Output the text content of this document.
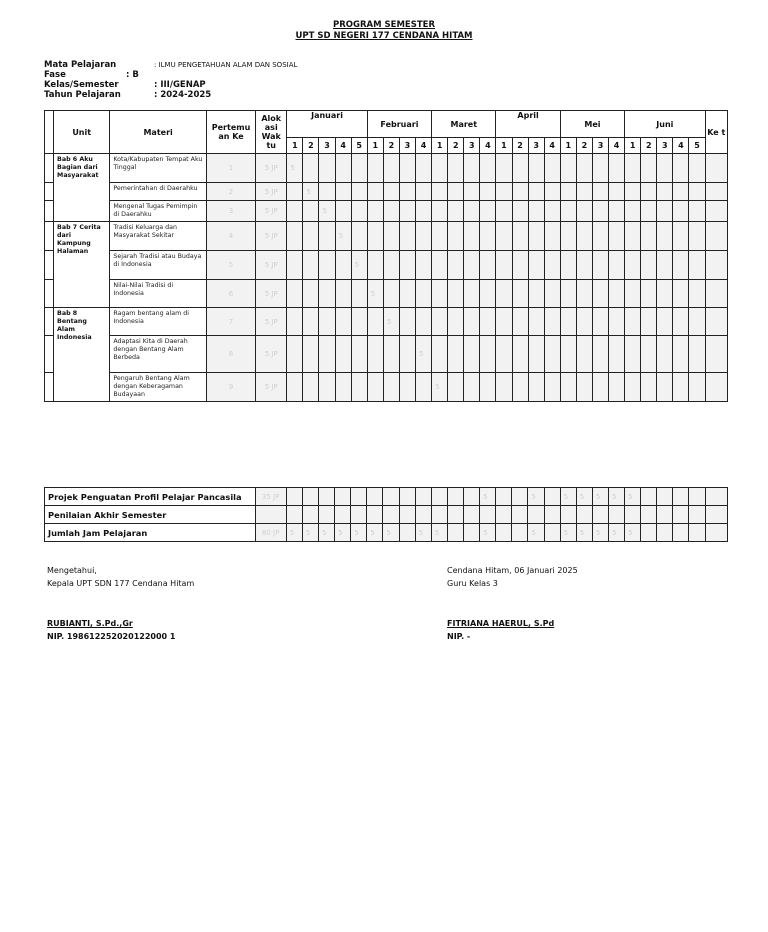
PROGRAM SEMESTER
UPT SD NEGERI 177 CENDANA HITAM
Mata Pelajaran	: ILMU PENGETAHUAN ALAM DAN SOSIAL
Fase	: B
Kelas/Semester	: III/GENAP
Tahun Pelajaran	: 2024-2025
	Unit	Materi	Pertemu an Ke	Alok asi Wak tu	Januari					Februari				Maret				April				Mei				Juni					Ke t
					1	2	3	4	5	1	2	3	4	1	2	3	4	1	2	3	4	1	2	3	4	1	2	3	4	5	
	Bab 6 Aku Bagian dari Masyarakat	Kota/Kabupaten Tempat Aku Tinggal	1	5 JP	5																										
		Pemerintahan di Daerahku	2	5 JP		5																									
		Mengenal Tugas Pemimpin di Daerahku	3	5 JP			5																								
	Bab 7 Cerita dari Kampung Halaman	Tradisi Keluarga dan Masyarakat Sekitar	4	5 JP				5																							
		Sejarah Tradisi atau Budaya di Indonesia	5	5 JP					5																						
		Nilai-Nilai Tradisi di Indonesia	6	5 JP						5																					
	Bab 8 Bentang Alam Indonesia	Ragam bentang alam di Indonesia	7	5 JP							5																				
		Adaptasi Kita di Daerah dengan Bentang Alam Berbeda	8	5 JP									5																		
		Pengaruh Bentang Alam dengan Keberagaman Budayaan	9	5 JP										5																	
Projek Penguatan Profil Pelajar Pancasila	35 JP													5			5		5	5	5	5	5					
Penilaian Akhir Semester																												
Jumlah Jam Pelajaran	80 JP	5	5	5	5	5	5	5		5	5			5			5		5	5	5	5	5					
Mengetahui,
Kepala UPT SDN 177 Cendana Hitam
RUBIANTI, S.Pd.,Gr
NIP. 198612252020122000 1
Cendana Hitam, 06 Januari 2025
Guru Kelas 3
FITRIANA HAERUL, S.Pd
NIP. -
